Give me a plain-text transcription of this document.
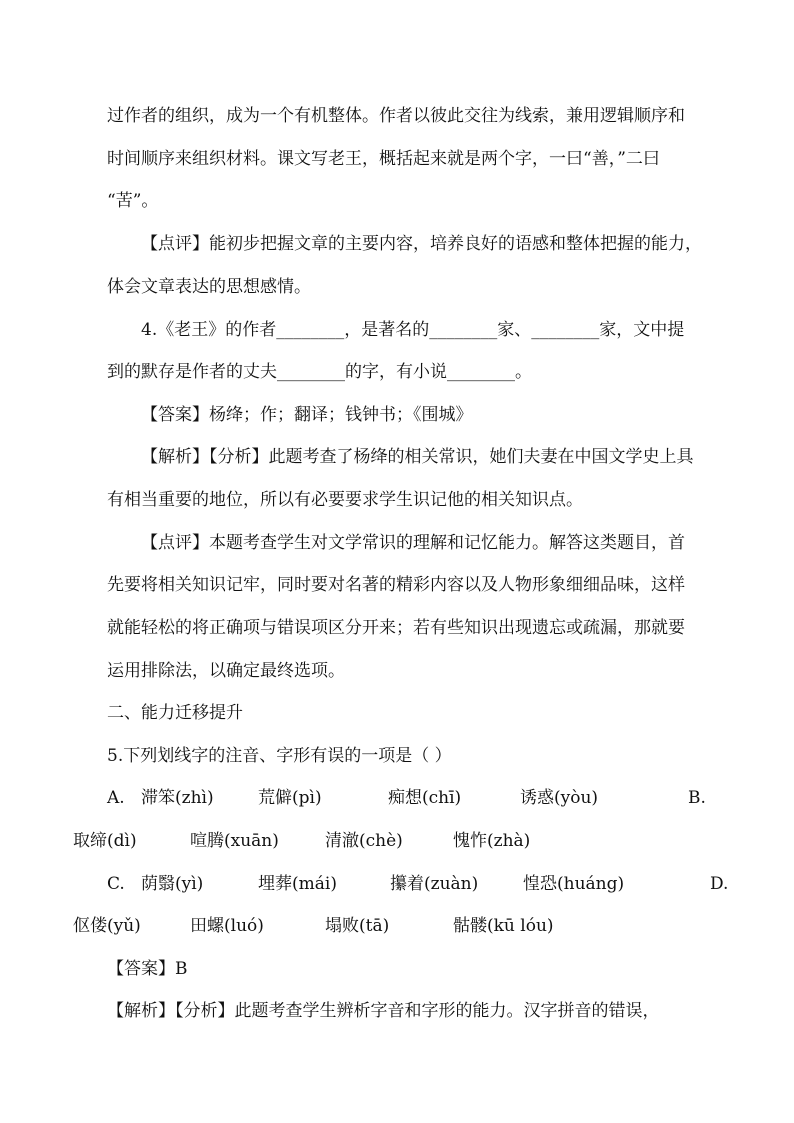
过作者的组织，成为一个有机整体。作者以彼此交往为线索，兼用逻辑顺序和
时间顺序来组织材料。课文写老王，概括起来就是两个字，一曰“善，”二曰
“苦”。
【点评】能初步把握文章的主要内容，培养良好的语感和整体把握的能力，
体会文章表达的思想感情。
4.《老王》的作者________，是著名的________家、________家，文中提
到的默存是作者的丈夫________的字，有小说________。
【答案】杨绛；作；翻译；钱钟书；《围城》
【解析】【分析】此题考查了杨绛的相关常识，她们夫妻在中国文学史上具
有相当重要的地位，所以有必要要求学生识记他的相关知识点。
【点评】本题考查学生对文学常识的理解和记忆能力。解答这类题目，首
先要将相关知识记牢，同时要对名著的精彩内容以及人物形象细细品味，这样
就能轻松的将正确项与错误项区分开来；若有些知识出现遗忘或疏漏，那就要
运用排除法，以确定最终选项。
二、能力迁移提升
5.下列划线字的注音、字形有误的一项是（ ）
A. 滞笨(zhì)	荒僻(pì)	痴想(chī)	诱惑(yòu)	B.
取缔(dì)	喧腾(xuān)	清澈(chè)	愧怍(zhà)
C. 荫翳(yì)	埋葬(mái)	攥着(zuàn)	惶恐(huáng)	D.
伛偻(yǔ)	田螺(luó)	塌败(tā)	骷髅(kū lóu)
【答案】B
【解析】【分析】此题考查学生辨析字音和字形的能力。汉字拼音的错误，
